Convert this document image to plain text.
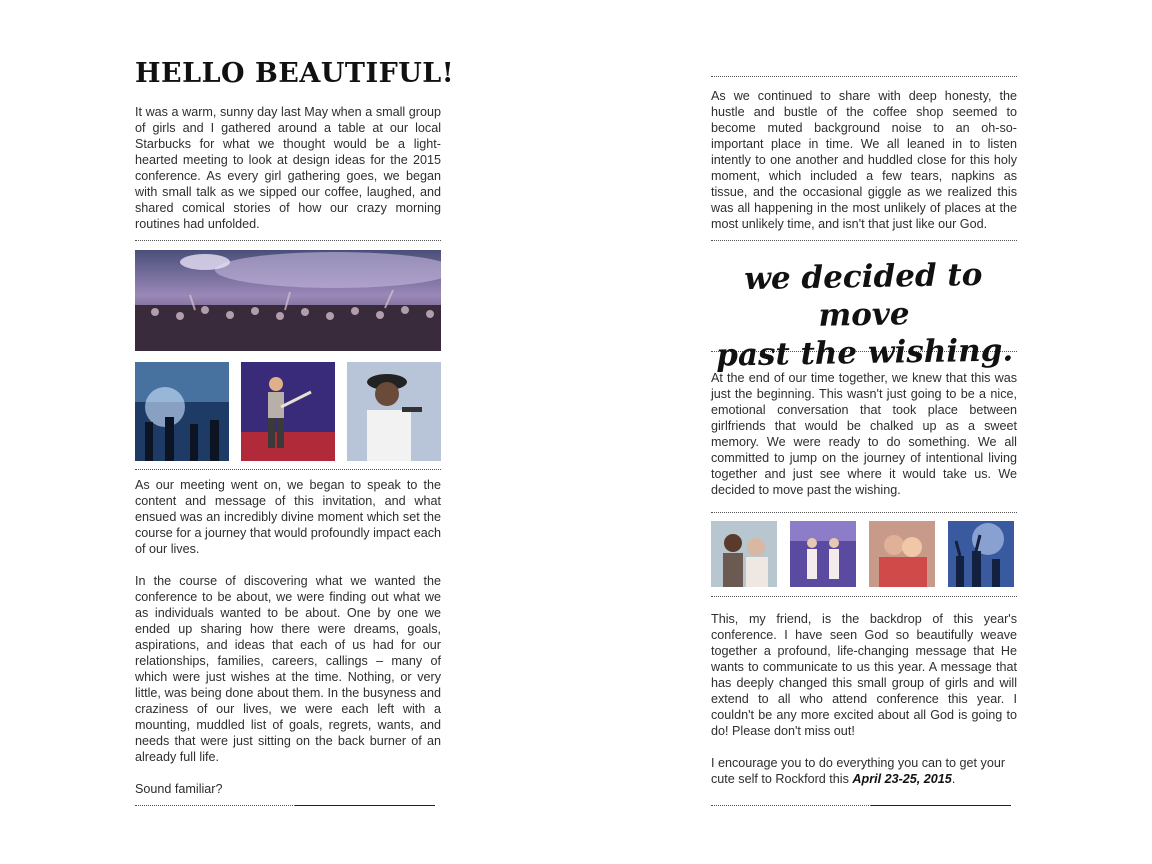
HELLO BEAUTIFUL!

It was a warm, sunny day last May when a small group of girls and I gathered around a table at our local Starbucks for what we thought would be a light-hearted meeting to look at design ideas for the 2015 conference. As every girl gathering goes, we began with small talk as we sipped our coffee, laughed, and shared comical stories of how our crazy morning routines had unfolded.

As our meeting went on, we began to speak to the content and message of this invitation, and what ensued was an incredibly divine moment which set the course for a journey that would profoundly impact each of our lives.

In the course of discovering what we wanted the conference to be about, we were finding out what we as individuals wanted to be about. One by one we ended up sharing how there were dreams, goals, aspirations, and ideas that each of us had for our relationships, families, careers, callings – many of which were just wishes at the time. Nothing, or very little, was being done about them. In the busyness and craziness of our lives, we were each left with a mounting, muddled list of goals, regrets, wants, and needs that were just sitting on the back burner of an already full life.

Sound familiar?

As we continued to share with deep honesty, the hustle and bustle of the coffee shop seemed to become muted background noise to an oh-so-important place in time. We all leaned in to listen intently to one another and huddled close for this holy moment, which included a few tears, napkins as tissue, and the occasional giggle as we realized this was all happening in the most unlikely of places at the most unlikely time, and isn't that just like our God.

At the end of our time together, we knew that this was just the beginning. This wasn't just going to be a nice, emotional conversation that took place between girlfriends that would be chalked up as a sweet memory. We were ready to do something. We all committed to jump on the journey of intentional living together and just see where it would take us. We decided to move past the wishing.

This, my friend, is the backdrop of this year's conference. I have seen God so beautifully weave together a profound, life-changing message that He wants to communicate to us this year. A message that has deeply changed this small group of girls and will extend to all who attend conference this year. I couldn't be any more excited about all God is going to do! Please don't miss out!

I encourage you to do everything you can to get your cute self to Rockford this April 23-25, 2015.

we decided to move
past the wishing.
